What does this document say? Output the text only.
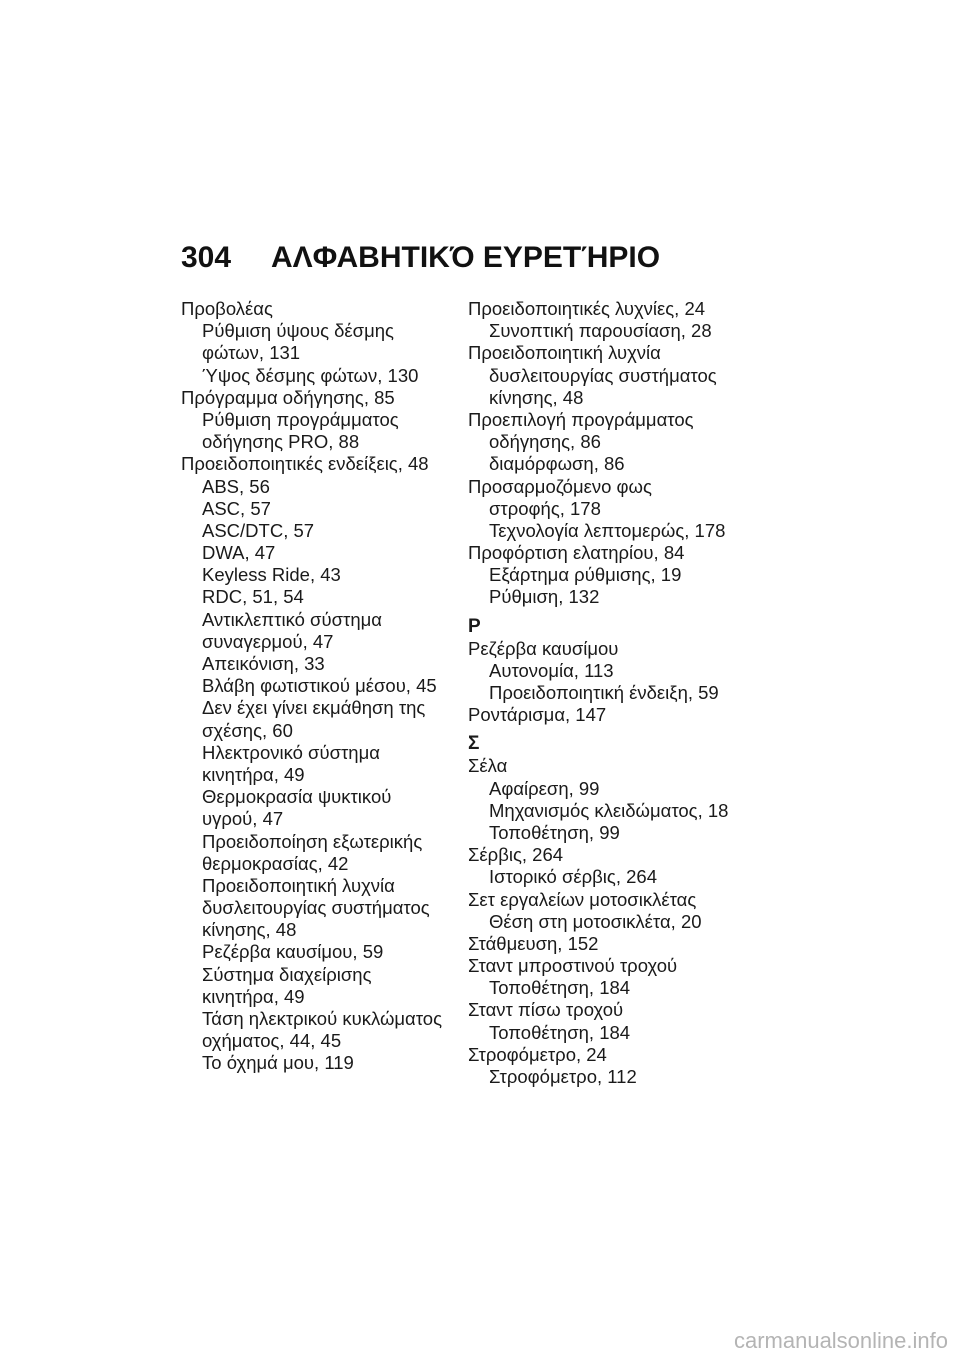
304 ΑΛΦΑΒΗΤΙΚΌ ΕΥΡΕΤΉΡΙΟ
Προβολέας
Ρύθμιση ύψους δέσμης
φώτων, 131
Ύψος δέσμης φώτων, 130
Πρόγραμμα οδήγησης, 85
Ρύθμιση προγράμματος
οδήγησης PRO, 88
Προειδοποιητικές ενδείξεις, 48
ABS, 56
ASC, 57
ASC/DTC, 57
DWA, 47
Keyless Ride, 43
RDC, 51, 54
Αντικλεπτικό σύστημα
συναγερμού, 47
Απεικόνιση, 33
Βλάβη φωτιστικού μέσου, 45
Δεν έχει γίνει εκμάθηση της
σχέσης, 60
Ηλεκτρονικό σύστημα
κινητήρα, 49
Θερμοκρασία ψυκτικού
υγρού, 47
Προειδοποίηση εξωτερικής
θερμοκρασίας, 42
Προειδοποιητική λυχνία
δυσλειτουργίας συστήματος
κίνησης, 48
Ρεζέρβα καυσίμου, 59
Σύστημα διαχείρισης
κινητήρα, 49
Τάση ηλεκτρικού κυκλώματος
οχήματος, 44, 45
Το όχημά μου, 119
Προειδοποιητικές λυχνίες, 24
Συνοπτική παρουσίαση, 28
Προειδοποιητική λυχνία
δυσλειτουργίας συστήματος
κίνησης, 48
Προεπιλογή προγράμματος
οδήγησης, 86
διαμόρφωση, 86
Προσαρμοζόμενο φως
στροφής, 178
Τεχνολογία λεπτομερώς, 178
Προφόρτιση ελατηρίου, 84
Εξάρτημα ρύθμισης, 19
Ρύθμιση, 132
Ρ
Ρεζέρβα καυσίμου
Αυτονομία, 113
Προειδοποιητική ένδειξη, 59
Ροντάρισμα, 147
Σ
Σέλα
Αφαίρεση, 99
Μηχανισμός κλειδώματος, 18
Τοποθέτηση, 99
Σέρβις, 264
Ιστορικό σέρβις, 264
Σετ εργαλείων μοτοσικλέτας
Θέση στη μοτοσικλέτα, 20
Στάθμευση, 152
Σταντ μπροστινού τροχού
Τοποθέτηση, 184
Σταντ πίσω τροχού
Τοποθέτηση, 184
Στροφόμετρο, 24
Στροφόμετρο, 112
carmanualsonline.info
